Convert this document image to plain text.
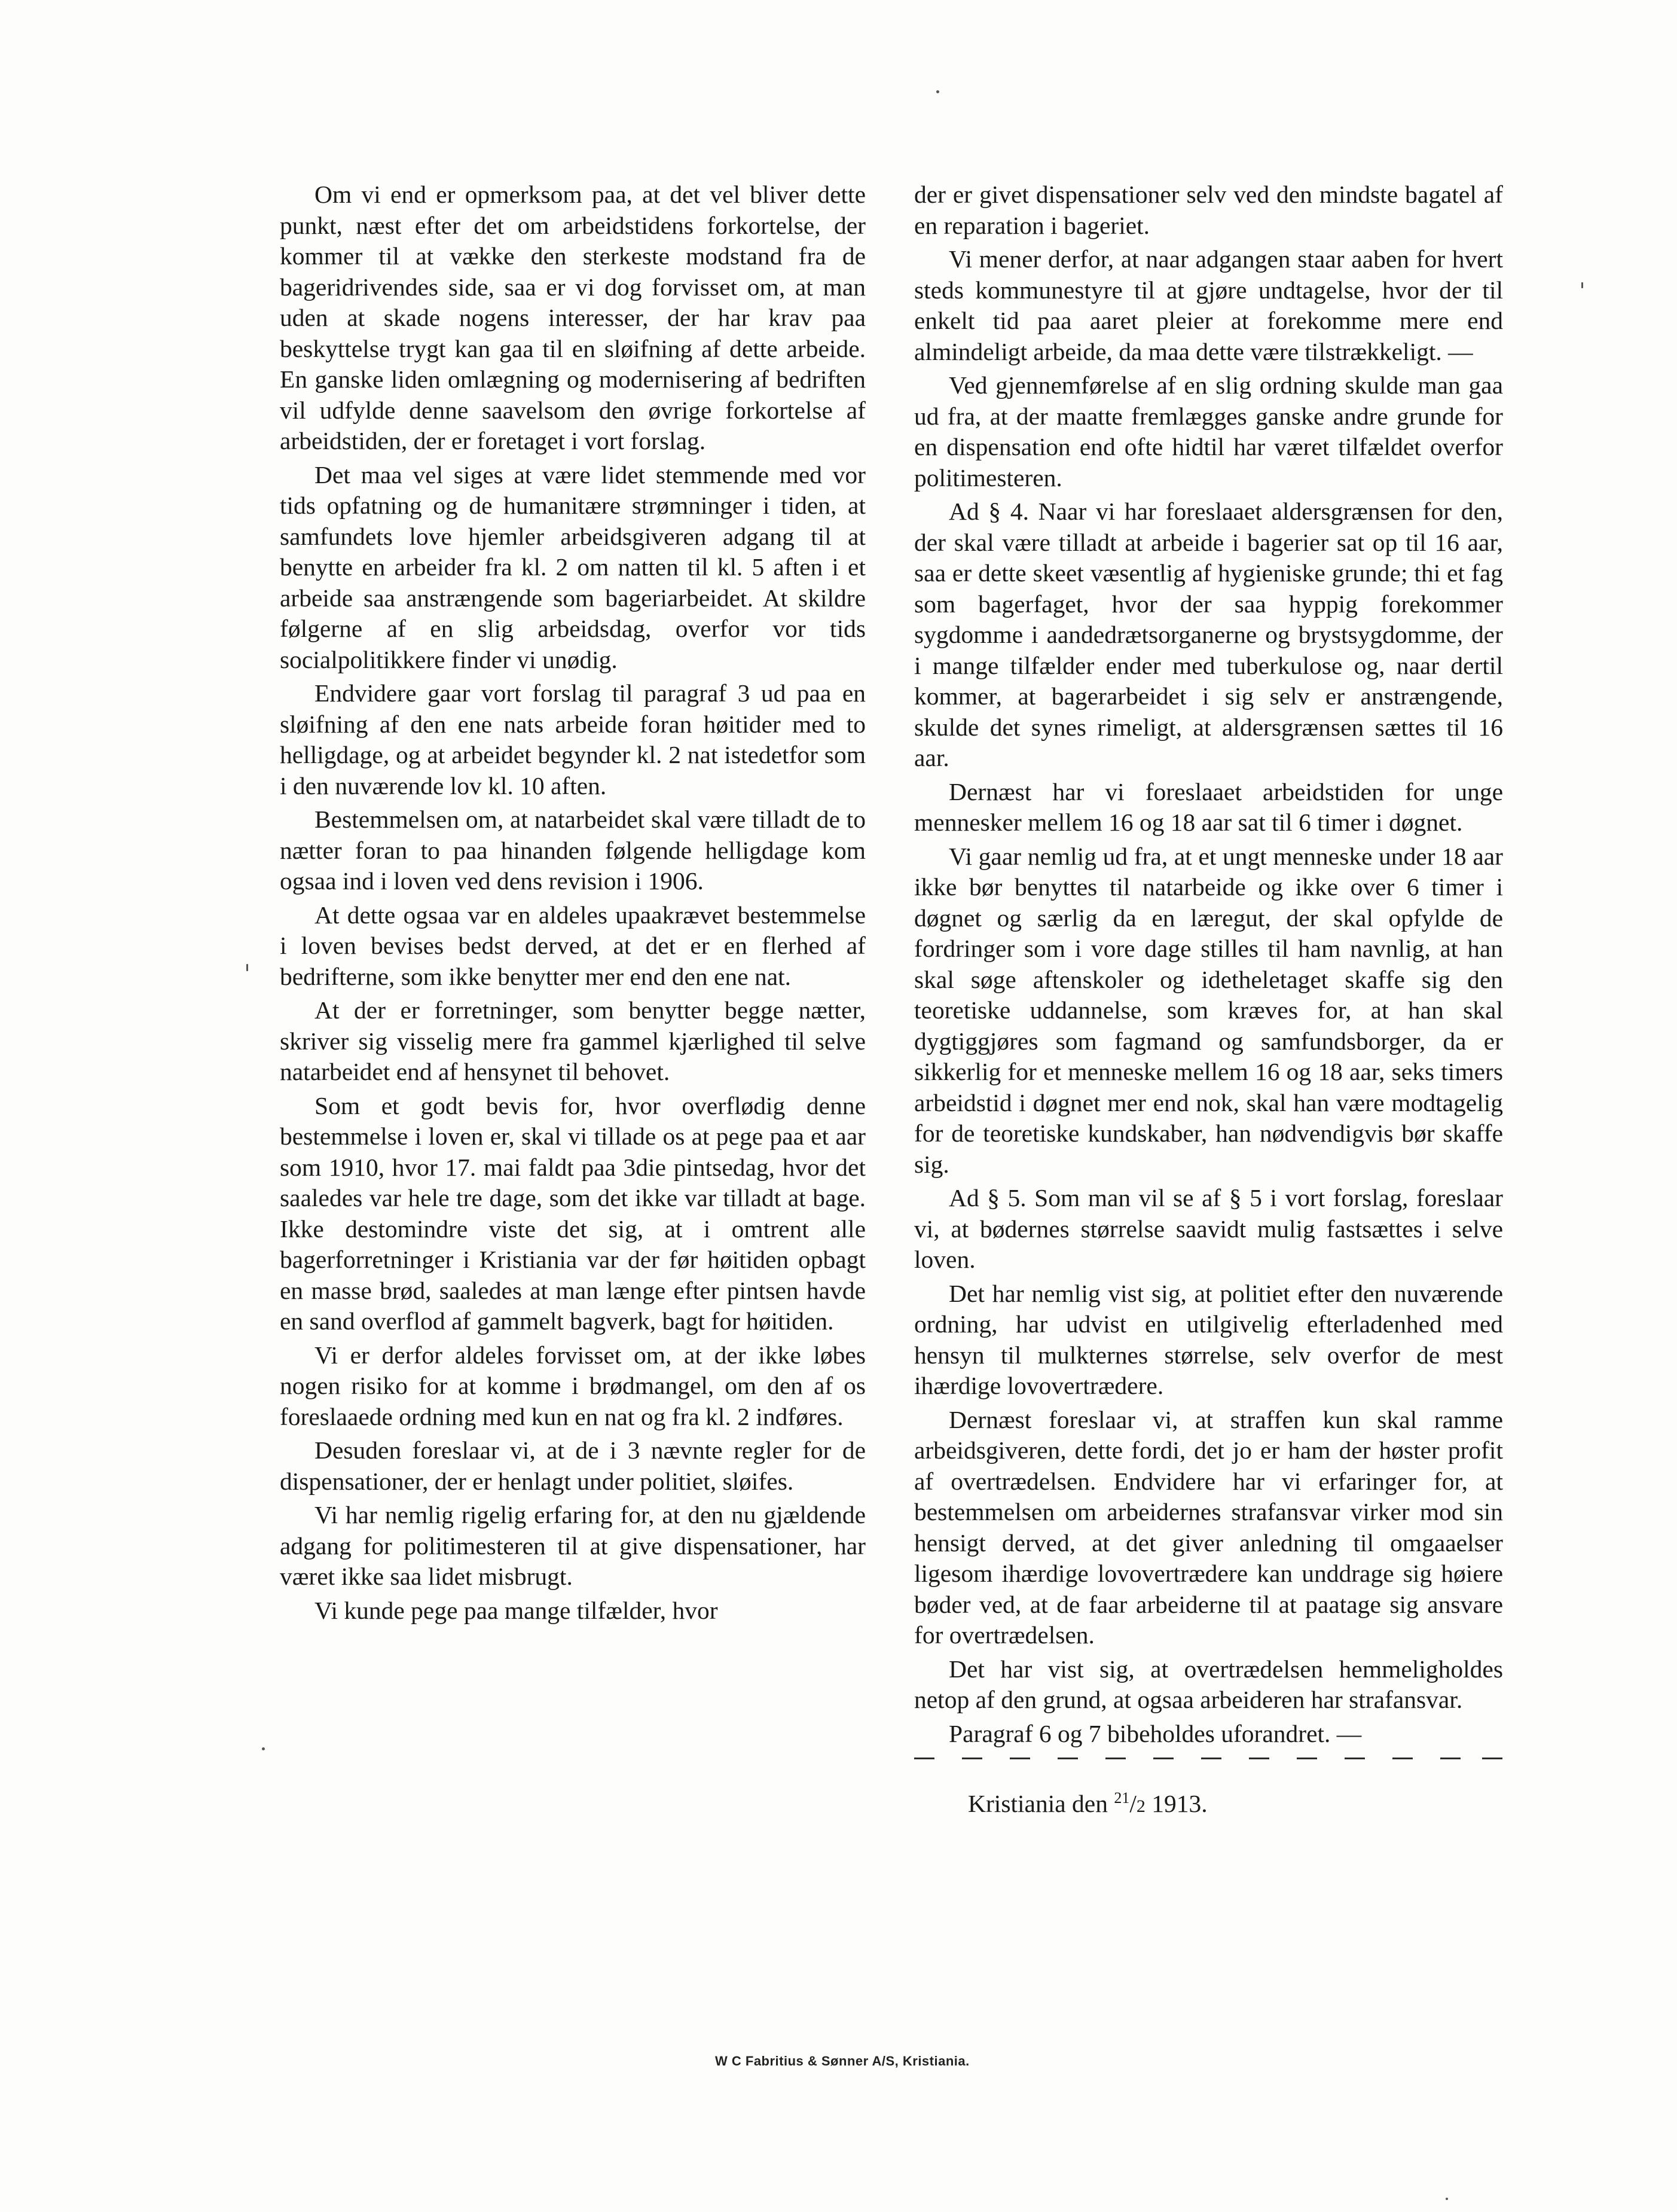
Om vi end er opmerksom paa, at det vel bliver dette punkt, næst efter det om arbeidstidens forkortelse, der kommer til at vække den sterkeste modstand fra de bageridrivendes side, saa er vi dog forvisset om, at man uden at skade nogens interesser, der har krav paa beskyttelse trygt kan gaa til en sløifning af dette arbeide. En ganske liden omlægning og modernisering af bedriften vil udfylde denne saavelsom den øvrige forkortelse af arbeidstiden, der er foretaget i vort forslag.

Det maa vel siges at være lidet stemmende med vor tids opfatning og de humanitære strømninger i tiden, at samfundets love hjemler arbeidsgiveren adgang til at benytte en arbeider fra kl. 2 om natten til kl. 5 aften i et arbeide saa anstrængende som bageriarbeidet. At skildre følgerne af en slig arbeidsdag, overfor vor tids socialpolitikkere finder vi unødig.

Endvidere gaar vort forslag til paragraf 3 ud paa en sløifning af den ene nats arbeide foran høitider med to helligdage, og at arbeidet begynder kl. 2 nat istedetfor som i den nuværende lov kl. 10 aften.

Bestemmelsen om, at natarbeidet skal være tilladt de to nætter foran to paa hinanden følgende helligdage kom ogsaa ind i loven ved dens revision i 1906.

At dette ogsaa var en aldeles upaakrævet bestemmelse i loven bevises bedst derved, at det er en flerhed af bedrifterne, som ikke benytter mer end den ene nat.

At der er forretninger, som benytter begge nætter, skriver sig visselig mere fra gammel kjærlighed til selve natarbeidet end af hensynet til behovet.

Som et godt bevis for, hvor overflødig denne bestemmelse i loven er, skal vi tillade os at pege paa et aar som 1910, hvor 17. mai faldt paa 3die pintsedag, hvor det saaledes var hele tre dage, som det ikke var tilladt at bage. Ikke destomindre viste det sig, at i omtrent alle bagerforretninger i Kristiania var der før høitiden opbagt en masse brød, saaledes at man længe efter pintsen havde en sand overflod af gammelt bagverk, bagt for høitiden.

Vi er derfor aldeles forvisset om, at der ikke løbes nogen risiko for at komme i brødmangel, om den af os foreslaaede ordning med kun en nat og fra kl. 2 indføres.

Desuden foreslaar vi, at de i 3 nævnte regler for de dispensationer, der er henlagt under politiet, sløifes.

Vi har nemlig rigelig erfaring for, at den nu gjældende adgang for politimesteren til at give dispensationer, har været ikke saa lidet misbrugt.

Vi kunde pege paa mange tilfælder, hvor

der er givet dispensationer selv ved den mindste bagatel af en reparation i bageriet.

Vi mener derfor, at naar adgangen staar aaben for hvert steds kommunestyre til at gjøre undtagelse, hvor der til enkelt tid paa aaret pleier at forekomme mere end almindeligt arbeide, da maa dette være tilstrækkeligt. —

Ved gjennemførelse af en slig ordning skulde man gaa ud fra, at der maatte fremlægges ganske andre grunde for en dispensation end ofte hidtil har været tilfældet overfor politimesteren.

Ad § 4. Naar vi har foreslaaet aldersgrænsen for den, der skal være tilladt at arbeide i bagerier sat op til 16 aar, saa er dette skeet væsentlig af hygieniske grunde; thi et fag som bagerfaget, hvor der saa hyppig forekommer sygdomme i aandedrætsorganerne og brystsygdomme, der i mange tilfælder ender med tuberkulose og, naar dertil kommer, at bagerarbeidet i sig selv er anstrængende, skulde det synes rimeligt, at aldersgrænsen sættes til 16 aar.

Dernæst har vi foreslaaet arbeidstiden for unge mennesker mellem 16 og 18 aar sat til 6 timer i døgnet.

Vi gaar nemlig ud fra, at et ungt menneske under 18 aar ikke bør benyttes til natarbeide og ikke over 6 timer i døgnet og særlig da en læregut, der skal opfylde de fordringer som i vore dage stilles til ham navnlig, at han skal søge aftenskoler og idetheletaget skaffe sig den teoretiske uddannelse, som kræves for, at han skal dygtiggjøres som fagmand og samfundsborger, da er sikkerlig for et menneske mellem 16 og 18 aar, seks timers arbeidstid i døgnet mer end nok, skal han være modtagelig for de teoretiske kundskaber, han nødvendigvis bør skaffe sig.

Ad § 5. Som man vil se af § 5 i vort forslag, foreslaar vi, at bødernes størrelse saavidt mulig fastsættes i selve loven.

Det har nemlig vist sig, at politiet efter den nuværende ordning, har udvist en utilgivelig efterladenhed med hensyn til mulkternes størrelse, selv overfor de mest ihærdige lovovertrædere.

Dernæst foreslaar vi, at straffen kun skal ramme arbeidsgiveren, dette fordi, det jo er ham der høster profit af overtrædelsen. Endvidere har vi erfaringer for, at bestemmelsen om arbeidernes strafansvar virker mod sin hensigt derved, at det giver anledning til omgaaelser ligesom ihærdige lovovertrædere kan unddrage sig høiere bøder ved, at de faar arbeiderne til at paatage sig ansvare for overtrædelsen.

Det har vist sig, at overtrædelsen hemmeligholdes netop af den grund, at ogsaa arbeideren har strafansvar.

Paragraf 6 og 7 bibeholdes uforandret. —

Kristiania den $^{21}$/2 1913.

W C Fabritius & Sønner A/S, Kristiania.
